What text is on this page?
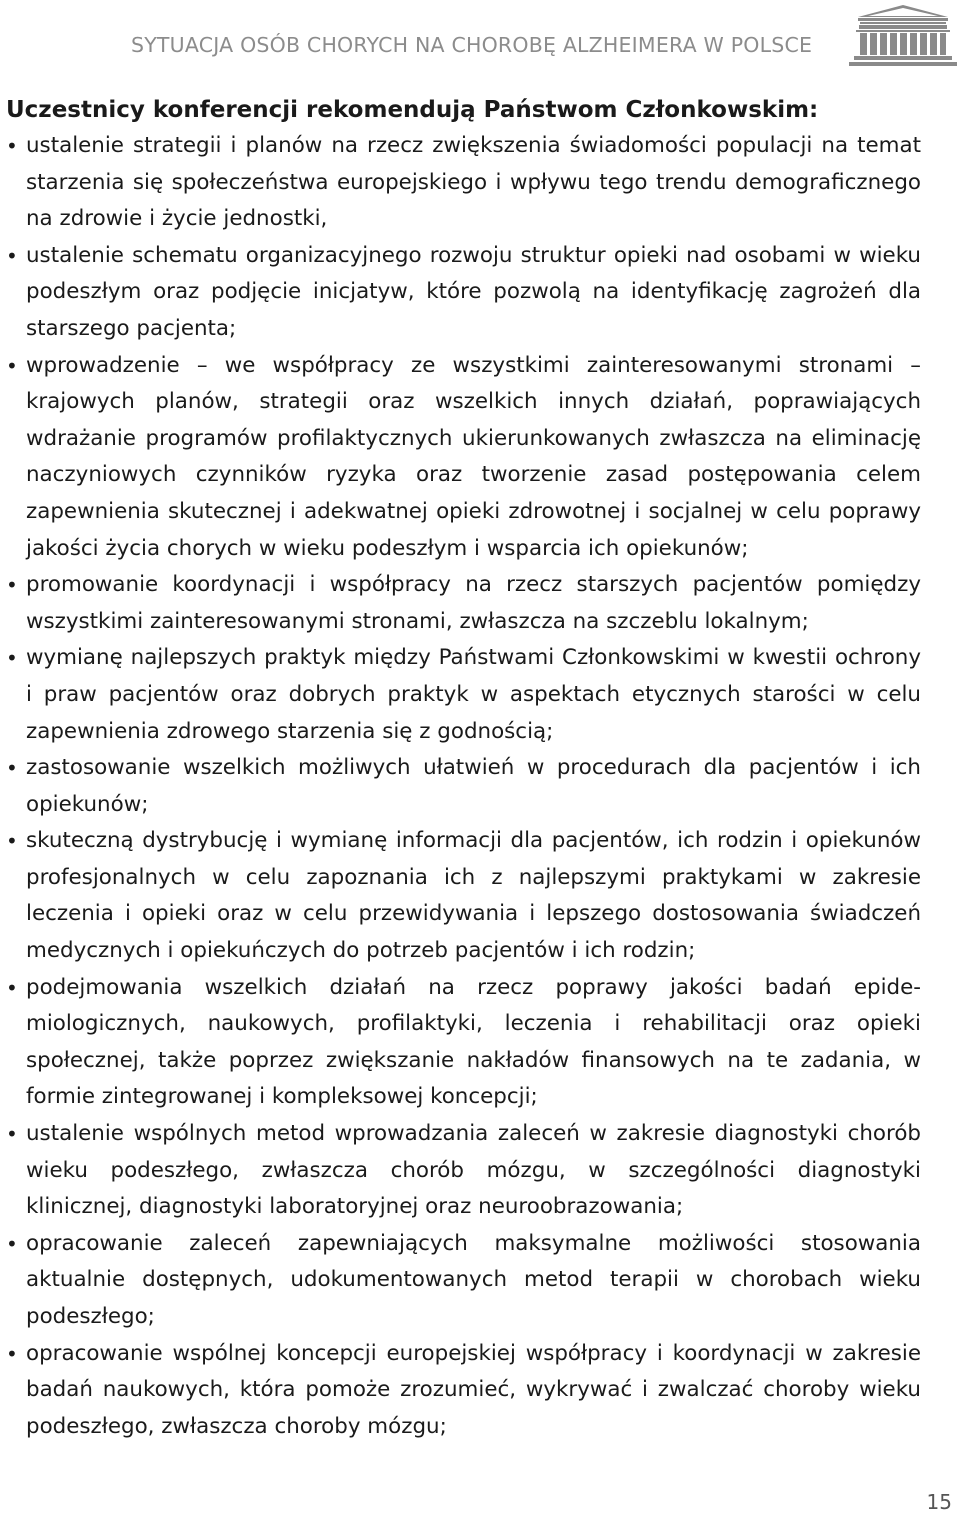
SYTUACJA OSÓB CHORYCH NA CHOROBĘ ALZHEIMERA W POLSCE
Uczestnicy konferencji rekomendują Państwom Członkowskim:
• ustalenie strategii i planów na rzecz zwiększenia świadomości populacji na temat starzenia się społeczeństwa europejskiego i wpływu tego trendu demograficznego na zdrowie i życie jednostki,
• ustalenie schematu organizacyjnego rozwoju struktur opieki nad osobami w wieku podeszłym oraz podjęcie inicjatyw, które pozwolą na identyfikację zagrożeń dla starszego pacjenta;
• wprowadzenie – we współpracy ze wszystkimi zainteresowanymi stronami – krajowych planów, strategii oraz wszelkich innych działań, poprawiających wdrażanie programów profilaktycznych ukierunkowanych zwłaszcza na eliminację naczyniowych czynników ryzyka oraz tworzenie zasad postępowania celem zapewnienia skutecznej i adekwatnej opieki zdrowotnej i socjalnej w celu poprawy jakości życia chorych w wieku podeszłym i wsparcia ich opiekunów;
• promowanie koordynacji i współpracy na rzecz starszych pacjentów pomiędzy wszystkimi zainteresowanymi stronami, zwłaszcza na szczeblu lokalnym;
• wymianę najlepszych praktyk między Państwami Członkowskimi w kwestii ochrony i praw pacjentów oraz dobrych praktyk w aspektach etycznych starości w celu zapewnienia zdrowego starzenia się z godnością;
• zastosowanie wszelkich możliwych ułatwień w procedurach dla pacjentów i ich opiekunów;
• skuteczną dystrybucję i wymianę informacji dla pacjentów, ich rodzin i opiekunów profesjonalnych w celu zapoznania ich z najlepszymi praktykami w zakresie leczenia i opieki oraz w celu przewidywania i lepszego dostosowania świadczeń medycznych i opiekuńczych do potrzeb pacjentów i ich rodzin;
• podejmowania wszelkich działań na rzecz poprawy jakości badań epidemiologicznych, naukowych, profilaktyki, leczenia i rehabilitacji oraz opieki społecznej, także poprzez zwiększanie nakładów finansowych na te zadania, w formie zintegrowanej i kompleksowej koncepcji;
• ustalenie wspólnych metod wprowadzania zaleceń w zakresie diagnostyki chorób wieku podeszłego, zwłaszcza chorób mózgu, w szczególności diagnostyki klinicznej, diagnostyki laboratoryjnej oraz neuroobrazowania;
• opracowanie zaleceń zapewniających maksymalne możliwości stosowania aktualnie dostępnych, udokumentowanych metod terapii w chorobach wieku podeszłego;
• opracowanie wspólnej koncepcji europejskiej współpracy i koordynacji w zakresie badań naukowych, która pomoże zrozumieć, wykrywać i zwalczać choroby wieku podeszłego, zwłaszcza choroby mózgu;
15
